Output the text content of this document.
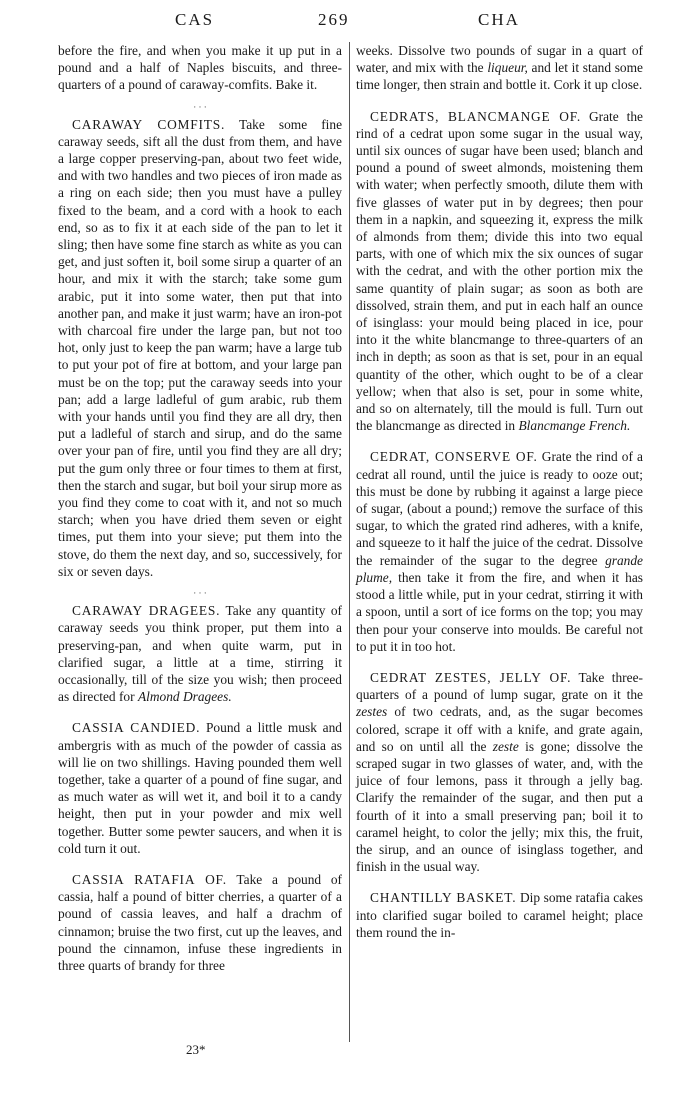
CAS	269	CHA

before the fire, and when you make it up put in a pound and a half of Naples biscuits, and three-quarters of a pound of caraway-comfits. Bake it.

· · ·

CARAWAY COMFITS. Take some fine caraway seeds, sift all the dust from them, and have a large copper preserving-pan, about two feet wide, and with two handles and two pieces of iron made as a ring on each side; then you must have a pulley fixed to the beam, and a cord with a hook to each end, so as to fix it at each side of the pan to let it sling; then have some fine starch as white as you can get, and just soften it, boil some sirup a quarter of an hour, and mix it with the starch; take some gum arabic, put it into some water, then put that into another pan, and make it just warm; have an iron-pot with charcoal fire under the large pan, but not too hot, only just to keep the pan warm; have a large tub to put your pot of fire at bottom, and your large pan must be on the top; put the caraway seeds into your pan; add a large ladleful of gum arabic, rub them with your hands until you find they are all dry, then put a ladleful of starch and sirup, and do the same over your pan of fire, until you find they are all dry; put the gum only three or four times to them at first, then the starch and sugar, but boil your sirup more as you find they come to coat with it, and not so much starch; when you have dried them seven or eight times, put them into your sieve; put them into the stove, do them the next day, and so, successively, for six or seven days.

· · ·

CARAWAY DRAGEES. Take any quantity of caraway seeds you think proper, put them into a preserving-pan, and when quite warm, put in clarified sugar, a little at a time, stirring it occasionally, till of the size you wish; then proceed as directed for Almond Dragees.

CASSIA CANDIED. Pound a little musk and ambergris with as much of the powder of cassia as will lie on two shillings. Having pounded them well together, take a quarter of a pound of fine sugar, and as much water as will wet it, and boil it to a candy height, then put in your powder and mix well together. Butter some pewter saucers, and when it is cold turn it out.

CASSIA RATAFIA OF. Take a pound of cassia, half a pound of bitter cherries, a quarter of a pound of cassia leaves, and half a drachm of cinnamon; bruise the two first, cut up the leaves, and pound the cinnamon, infuse these ingredients in three quarts of brandy for three

weeks. Dissolve two pounds of sugar in a quart of water, and mix with the liqueur, and let it stand some time longer, then strain and bottle it. Cork it up close.

CEDRATS, BLANCMANGE OF. Grate the rind of a cedrat upon some sugar in the usual way, until six ounces of sugar have been used; blanch and pound a pound of sweet almonds, moistening them with water; when perfectly smooth, dilute them with five glasses of water put in by degrees; then pour them in a napkin, and squeezing it, express the milk of almonds from them; divide this into two equal parts, with one of which mix the six ounces of sugar with the cedrat, and with the other portion mix the same quantity of plain sugar; as soon as both are dissolved, strain them, and put in each half an ounce of isinglass: your mould being placed in ice, pour into it the white blancmange to three-quarters of an inch in depth; as soon as that is set, pour in an equal quantity of the other, which ought to be of a clear yellow; when that also is set, pour in some white, and so on alternately, till the mould is full. Turn out the blancmange as directed in Blancmange French.

CEDRAT, CONSERVE OF. Grate the rind of a cedrat all round, until the juice is ready to ooze out; this must be done by rubbing it against a large piece of sugar, (about a pound;) remove the surface of this sugar, to which the grated rind adheres, with a knife, and squeeze to it half the juice of the cedrat. Dissolve the remainder of the sugar to the degree grande plume, then take it from the fire, and when it has stood a little while, put in your cedrat, stirring it with a spoon, until a sort of ice forms on the top; you may then pour your conserve into moulds. Be careful not to put it in too hot.

CEDRAT ZESTES, JELLY OF. Take three-quarters of a pound of lump sugar, grate on it the zestes of two cedrats, and, as the sugar becomes colored, scrape it off with a knife, and grate again, and so on until all the zeste is gone; dissolve the scraped sugar in two glasses of water, and, with the juice of four lemons, pass it through a jelly bag. Clarify the remainder of the sugar, and then put a fourth of it into a small preserving pan; boil it to caramel height, to color the jelly; mix this, the fruit, the sirup, and an ounce of isinglass together, and finish in the usual way.

CHANTILLY BASKET. Dip some ratafia cakes into clarified sugar boiled to caramel height; place them round the in-

23*
